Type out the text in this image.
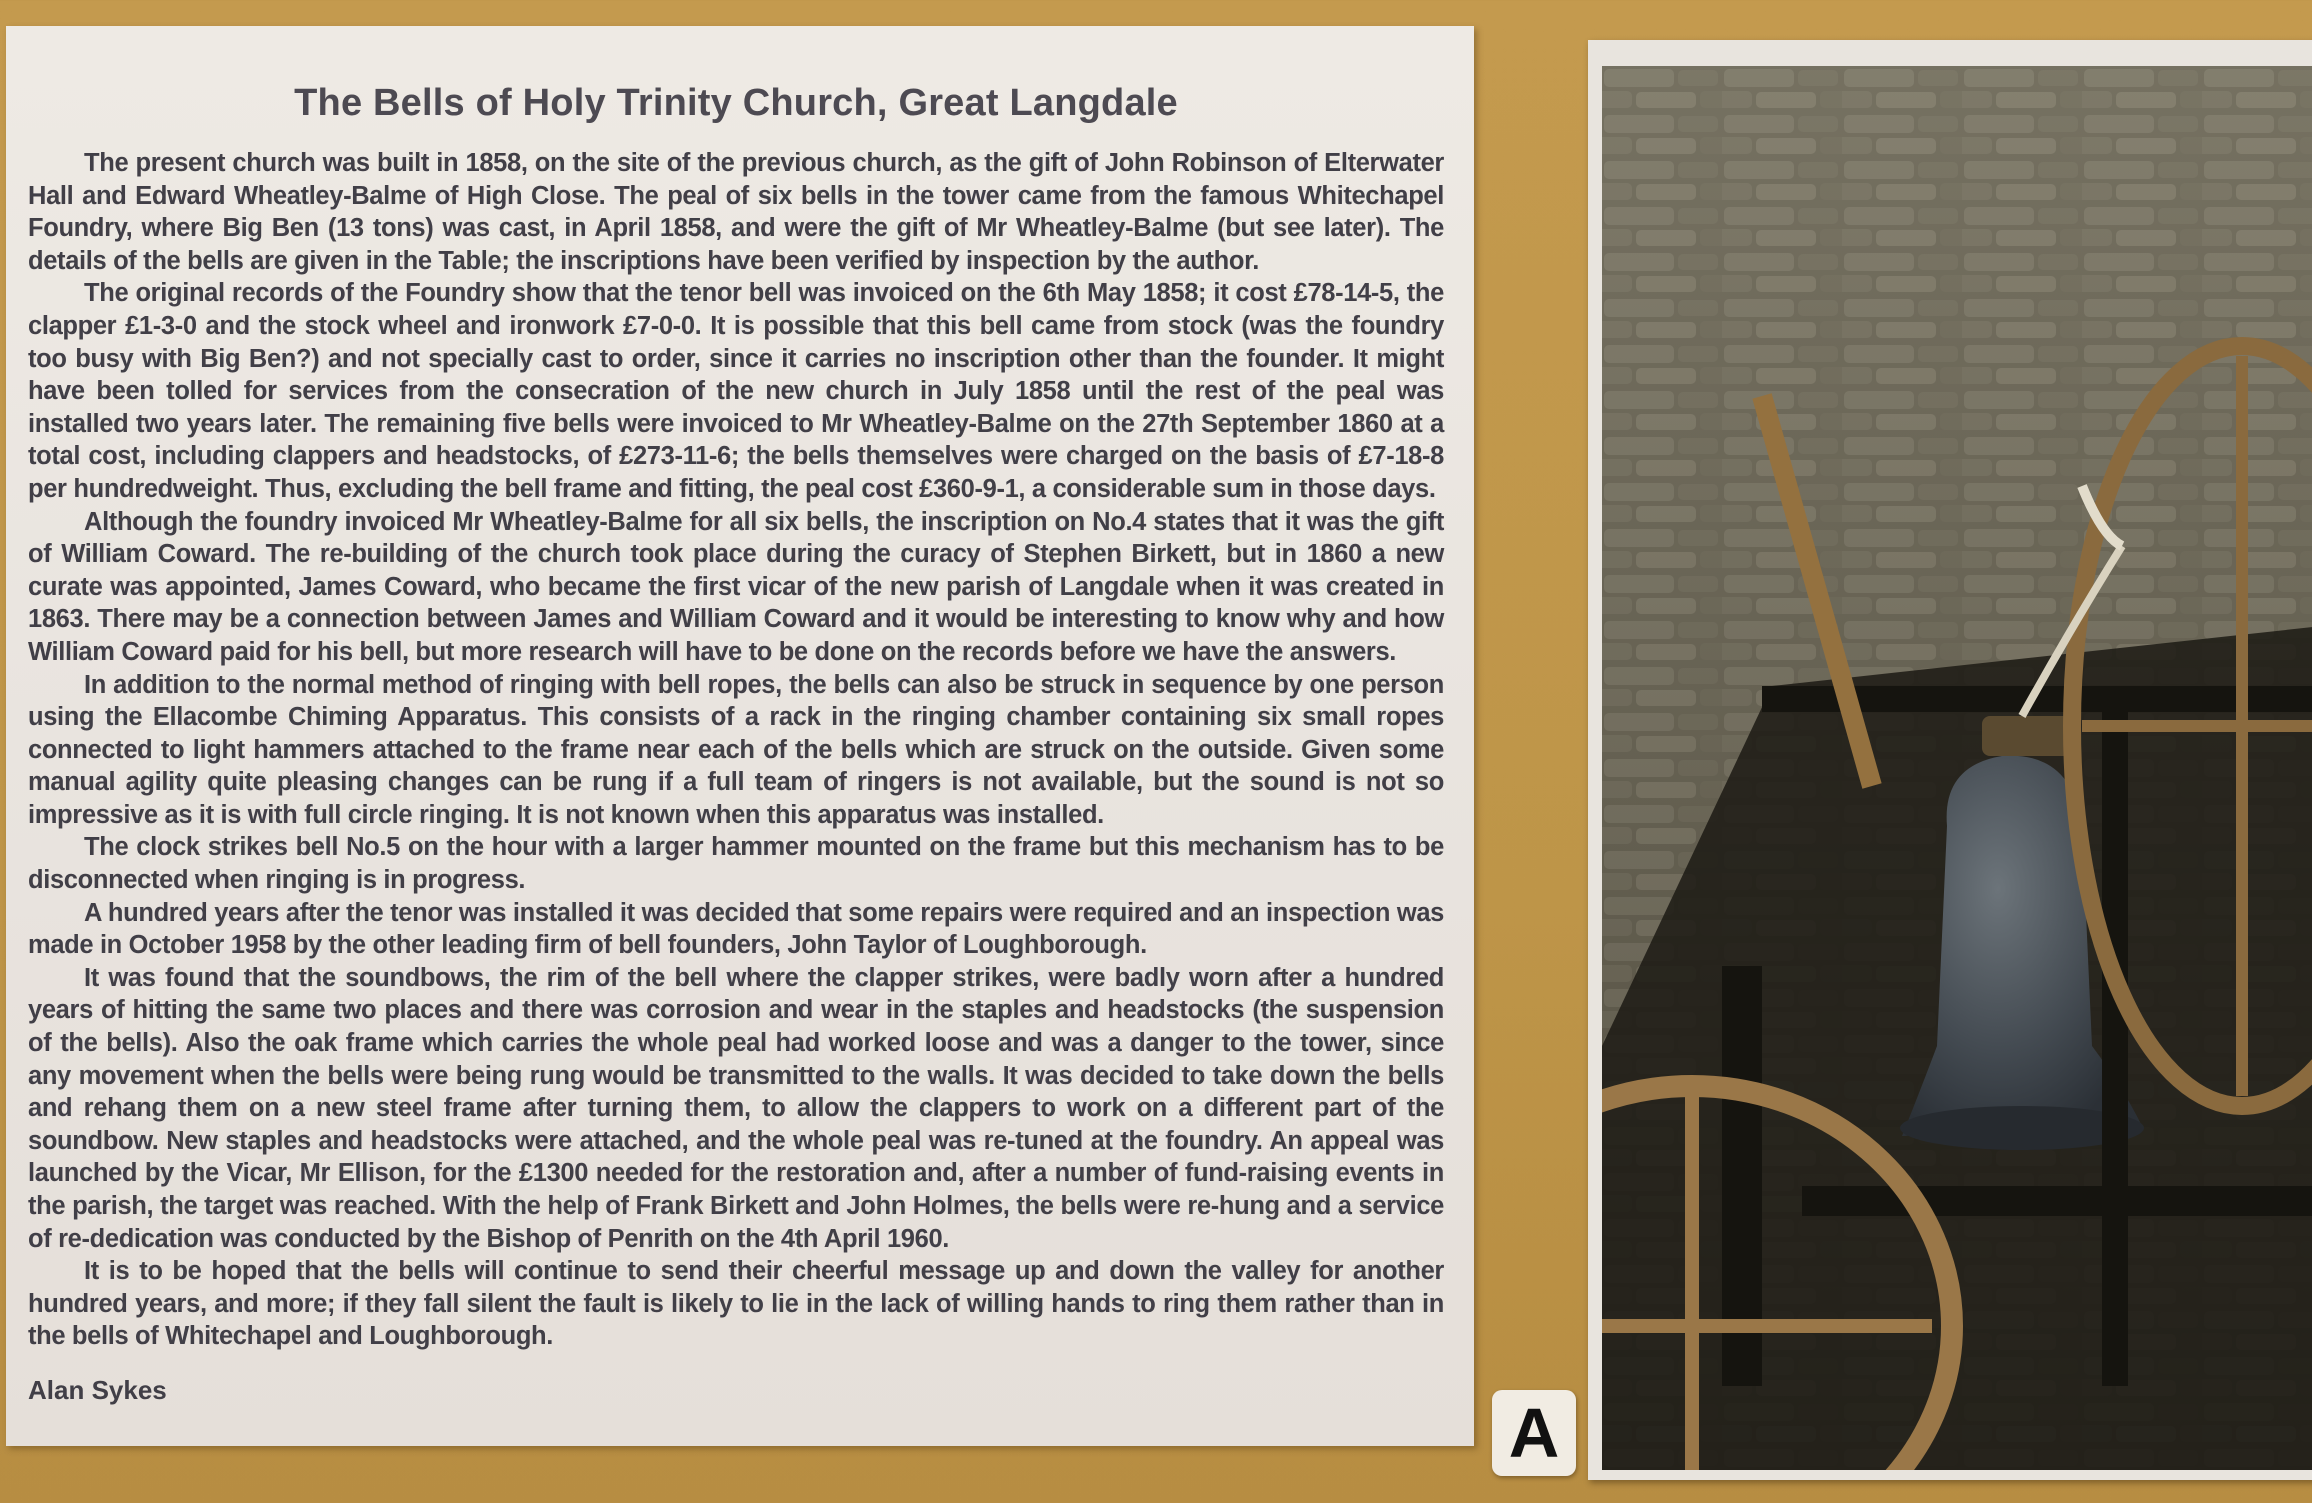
The Bells of Holy Trinity Church, Great Langdale

The present church was built in 1858, on the site of the previous church, as the gift of John Robinson of Elterwater Hall and Edward Wheatley-Balme of High Close. The peal of six bells in the tower came from the famous Whitechapel Foundry, where Big Ben (13 tons) was cast, in April 1858, and were the gift of Mr Wheatley-Balme (but see later). The details of the bells are given in the Table; the inscriptions have been verified by inspection by the author.

The original records of the Foundry show that the tenor bell was invoiced on the 6th May 1858; it cost £78-14-5, the clapper £1-3-0 and the stock wheel and ironwork £7-0-0. It is possible that this bell came from stock (was the foundry too busy with Big Ben?) and not specially cast to order, since it carries no inscription other than the founder. It might have been tolled for services from the consecration of the new church in July 1858 until the rest of the peal was installed two years later. The remaining five bells were invoiced to Mr Wheatley-Balme on the 27th September 1860 at a total cost, including clappers and headstocks, of £273-11-6; the bells themselves were charged on the basis of £7-18-8 per hundredweight. Thus, excluding the bell frame and fitting, the peal cost £360-9-1, a considerable sum in those days.

Although the foundry invoiced Mr Wheatley-Balme for all six bells, the inscription on No.4 states that it was the gift of William Coward. The re-building of the church took place during the curacy of Stephen Birkett, but in 1860 a new curate was appointed, James Coward, who became the first vicar of the new parish of Langdale when it was created in 1863. There may be a connection between James and William Coward and it would be interesting to know why and how William Coward paid for his bell, but more research will have to be done on the records before we have the answers.

In addition to the normal method of ringing with bell ropes, the bells can also be struck in sequence by one person using the Ellacombe Chiming Apparatus. This consists of a rack in the ringing chamber containing six small ropes connected to light hammers attached to the frame near each of the bells which are struck on the outside. Given some manual agility quite pleasing changes can be rung if a full team of ringers is not available, but the sound is not so impressive as it is with full circle ringing. It is not known when this apparatus was installed.

The clock strikes bell No.5 on the hour with a larger hammer mounted on the frame but this mechanism has to be disconnected when ringing is in progress.

A hundred years after the tenor was installed it was decided that some repairs were required and an inspection was made in October 1958 by the other leading firm of bell founders, John Taylor of Loughborough.

It was found that the soundbows, the rim of the bell where the clapper strikes, were badly worn after a hundred years of hitting the same two places and there was corrosion and wear in the staples and headstocks (the suspension of the bells). Also the oak frame which carries the whole peal had worked loose and was a danger to the tower, since any movement when the bells were being rung would be transmitted to the walls. It was decided to take down the bells and rehang them on a new steel frame after turning them, to allow the clappers to work on a different part of the soundbow. New staples and headstocks were attached, and the whole peal was re-tuned at the foundry. An appeal was launched by the Vicar, Mr Ellison, for the £1300 needed for the restoration and, after a number of fund-raising events in the parish, the target was reached. With the help of Frank Birkett and John Holmes, the bells were re-hung and a service of re-dedication was conducted by the Bishop of Penrith on the 4th April 1960.

It is to be hoped that the bells will continue to send their cheerful message up and down the valley for another hundred years, and more; if they fall silent the fault is likely to lie in the lack of willing hands to ring them rather than in the bells of Whitechapel and Loughborough.

Alan Sykes
A
